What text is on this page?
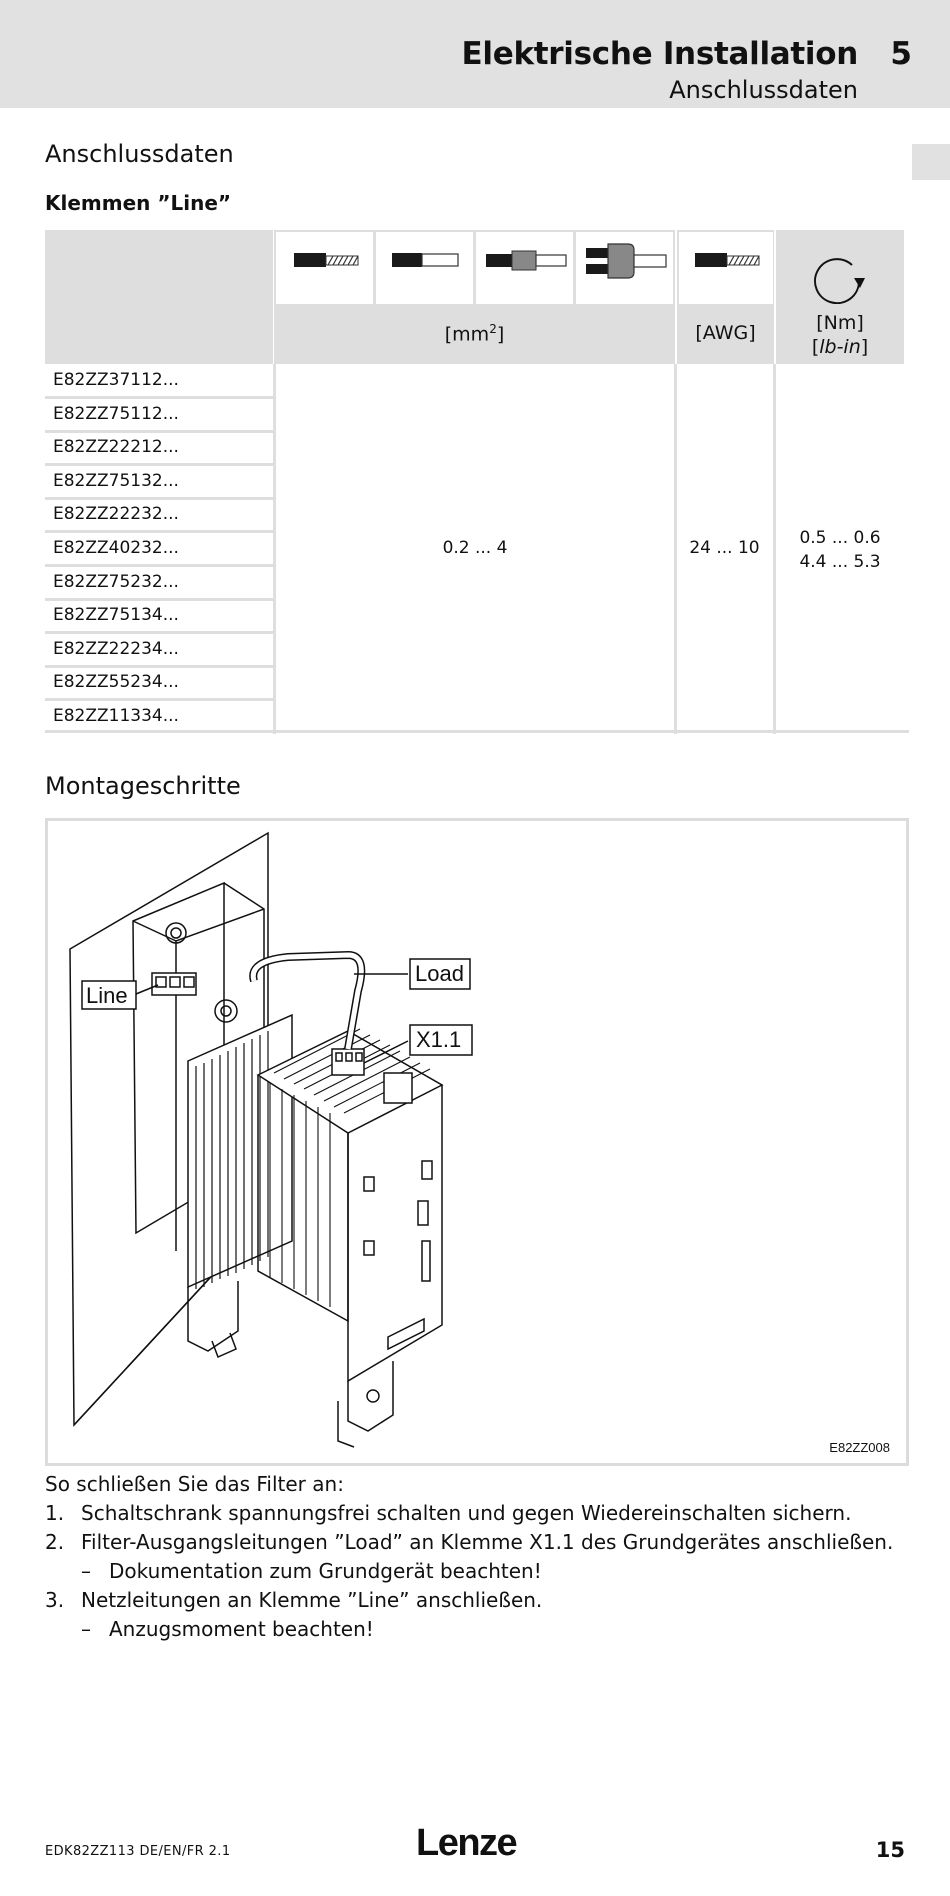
Elektrische Installation 5
Anschlussdaten
Anschlussdaten
Klemmen ”Line”
$[mm^2]$	[AWG]	[Nm]
[lb-in]
E82ZZ37112...
E82ZZ75112...
E82ZZ22212...
E82ZZ75132...
E82ZZ22232...
E82ZZ40232...
E82ZZ75232...
E82ZZ75134...
E82ZZ22234...
E82ZZ55234...
E82ZZ11334...
0.2 ... 4	24 ... 10	0.5 ... 0.6
4.4 ... 5.3
Montageschritte
Line
Load
X1.1
E82ZZ008
So schließen Sie das Filter an:
1. Schaltschrank spannungsfrei schalten und gegen Wiedereinschalten sichern.
2. Filter-Ausgangsleitungen ”Load” an Klemme X1.1 des Grundgerätes anschließen.
– Dokumentation zum Grundgerät beachten!
3. Netzleitungen an Klemme ”Line” anschließen.
– Anzugsmoment beachten!
EDK82ZZ113 DE/EN/FR 2.1	Lenze	15
